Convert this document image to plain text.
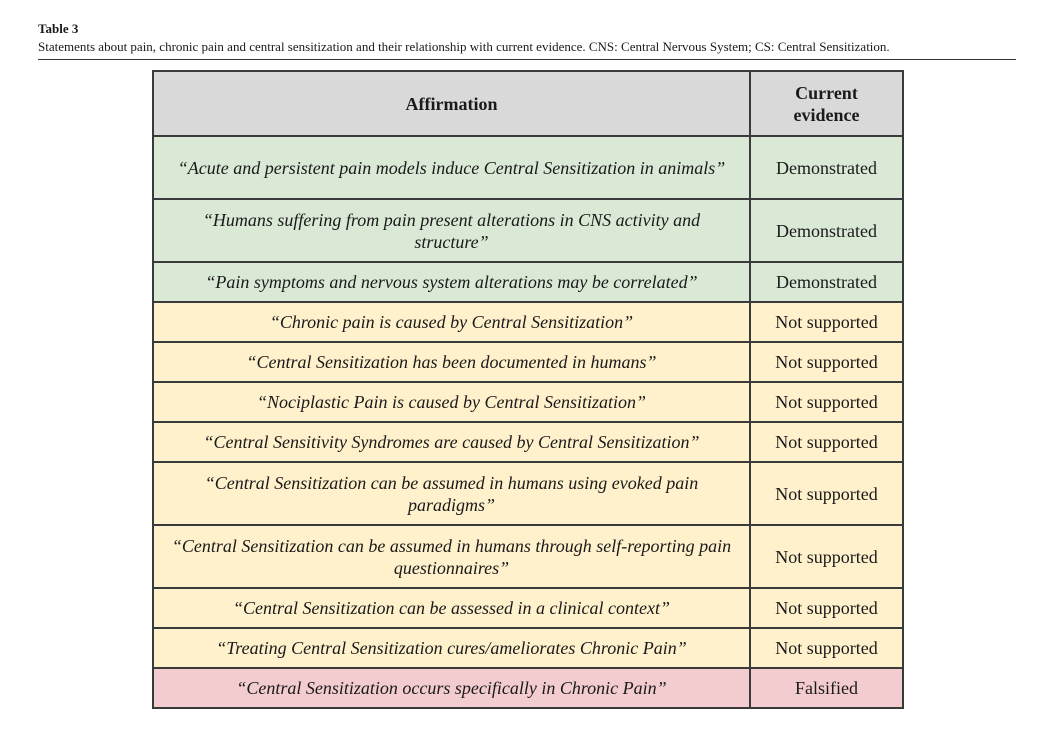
Table 3
Statements about pain, chronic pain and central sensitization and their relationship with current evidence. CNS: Central Nervous System; CS: Central Sensitization.
Affirmation	Current evidence
“Acute and persistent pain models induce Central Sensitization in animals”	Demonstrated
“Humans suffering from pain present alterations in CNS activity and structure”	Demonstrated
“Pain symptoms and nervous system alterations may be correlated”	Demonstrated
“Chronic pain is caused by Central Sensitization”	Not supported
“Central Sensitization has been documented in humans”	Not supported
“Nociplastic Pain is caused by Central Sensitization”	Not supported
“Central Sensitivity Syndromes are caused by Central Sensitization”	Not supported
“Central Sensitization can be assumed in humans using evoked pain paradigms”	Not supported
“Central Sensitization can be assumed in humans through self-reporting pain questionnaires”	Not supported
“Central Sensitization can be assessed in a clinical context”	Not supported
“Treating Central Sensitization cures/ameliorates Chronic Pain”	Not supported
“Central Sensitization occurs specifically in Chronic Pain”	Falsified
